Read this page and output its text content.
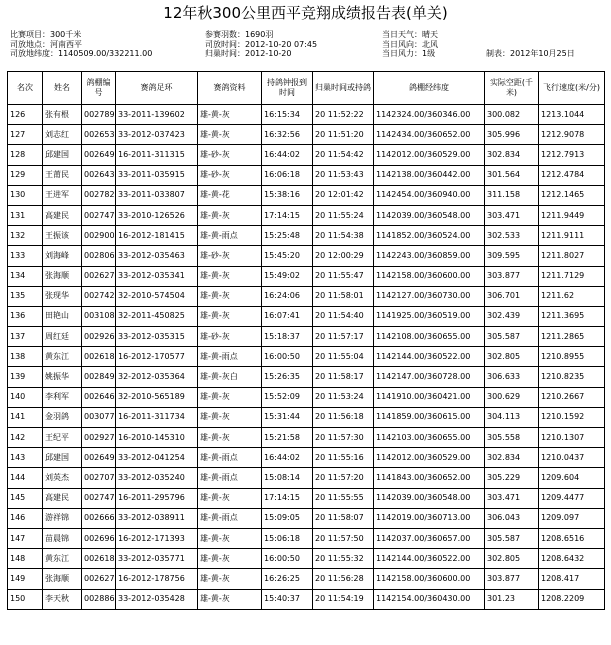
12年秋300公里西平竞翔成绩报告表(单关)
比赛项目：300千米
司放地点：河南西平
司放地纬度：1140509.00/332211.00
参赛羽数：1690羽
司放时间：2012-10-20 07:45
归巢时间：2012-10-20
当日天气：晴天
当日风向：北风
当日风力：1级	制表：2012年10月25日
名次	姓名	鸽棚编号	赛鸽足环	赛鸽资料	持鸽钟报到时间	归巢时间或持鸽	鸽棚经纬度	实际空距(千米)	飞行速度(米/分)
126	张有根	002789	33-2011-139602	雄-黄-灰	16:15:34	20 11:52:22	1142324.00/360346.00	300.082	1213.1044
127	刘志红	002653	33-2012-037423	雄-黄-灰	16:32:56	20 11:51:20	1142434.00/360652.00	305.996	1212.9078
128	邱建国	002649	16-2011-311315	雄-砂-灰	16:44:02	20 11:54:42	1142012.00/360529.00	302.834	1212.7913
129	王莆民	002643	33-2011-035915	雄-砂-灰	16:06:18	20 11:53:43	1142138.00/360442.00	301.564	1212.4784
130	王进军	002782	33-2011-033807	雄-黄-花	15:38:16	20 12:01:42	1142454.00/360940.00	311.158	1212.1465
131	高建民	002747	33-2010-126526	雄-黄-灰	17:14:15	20 11:55:24	1142039.00/360548.00	303.471	1211.9449
132	王振该	002900	16-2012-181415	雄-黄-雨点	15:25:48	20 11:54:38	1141852.00/360524.00	302.533	1211.9111
133	刘海峰	002806	33-2012-035463	雄-砂-灰	15:45:20	20 12:00:29	1142243.00/360859.00	309.595	1211.8027
134	张海顺	002627	33-2012-035341	雄-黄-灰	15:49:02	20 11:55:47	1142158.00/360600.00	303.877	1211.7129
135	张现华	002742	32-2010-574504	雄-黄-灰	16:24:06	20 11:58:01	1142127.00/360730.00	306.701	1211.62
136	田艳山	003108	32-2011-450825	雄-黄-灰	16:07:41	20 11:54:40	1141925.00/360519.00	302.439	1211.3695
137	周红廷	002926	33-2012-035315	雄-砂-灰	15:18:37	20 11:57:17	1142108.00/360655.00	305.587	1211.2865
138	黄东江	002618	16-2012-170577	雄-黄-雨点	16:00:50	20 11:55:04	1142144.00/360522.00	302.805	1210.8955
139	姚振华	002849	32-2012-035364	雄-黄-灰白	15:26:35	20 11:58:17	1142147.00/360728.00	306.633	1210.8235
140	李利军	002646	32-2010-565189	雄-黄-灰	15:52:09	20 11:53:24	1141910.00/360421.00	300.629	1210.2667
141	金羽鸽	003077	16-2011-311734	雄-黄-灰	15:31:44	20 11:56:18	1141859.00/360615.00	304.113	1210.1592
142	王纪平	002927	16-2010-145310	雄-黄-灰	15:21:58	20 11:57:30	1142103.00/360655.00	305.558	1210.1307
143	邱建国	002649	33-2012-041254	雄-黄-雨点	16:44:02	20 11:55:16	1142012.00/360529.00	302.834	1210.0437
144	刘英杰	002707	33-2012-035240	雄-黄-雨点	15:08:14	20 11:57:20	1141843.00/360652.00	305.229	1209.604
145	高建民	002747	16-2011-295796	雄-黄-灰	17:14:15	20 11:55:55	1142039.00/360548.00	303.471	1209.4477
146	游祥锦	002666	33-2012-038911	雄-黄-雨点	15:09:05	20 11:58:07	1142019.00/360713.00	306.043	1209.097
147	苗晨锦	002696	16-2012-171393	雄-黄-灰	15:06:18	20 11:57:50	1142037.00/360657.00	305.587	1208.6516
148	黄东江	002618	33-2012-035771	雄-黄-灰	16:00:50	20 11:55:32	1142144.00/360522.00	302.805	1208.6432
149	张海顺	002627	16-2012-178756	雄-黄-灰	16:26:25	20 11:56:28	1142158.00/360600.00	303.877	1208.417
150	李天秋	002886	33-2012-035428	雄-黄-灰	15:40:37	20 11:54:19	1142154.00/360430.00	301.23	1208.2209
